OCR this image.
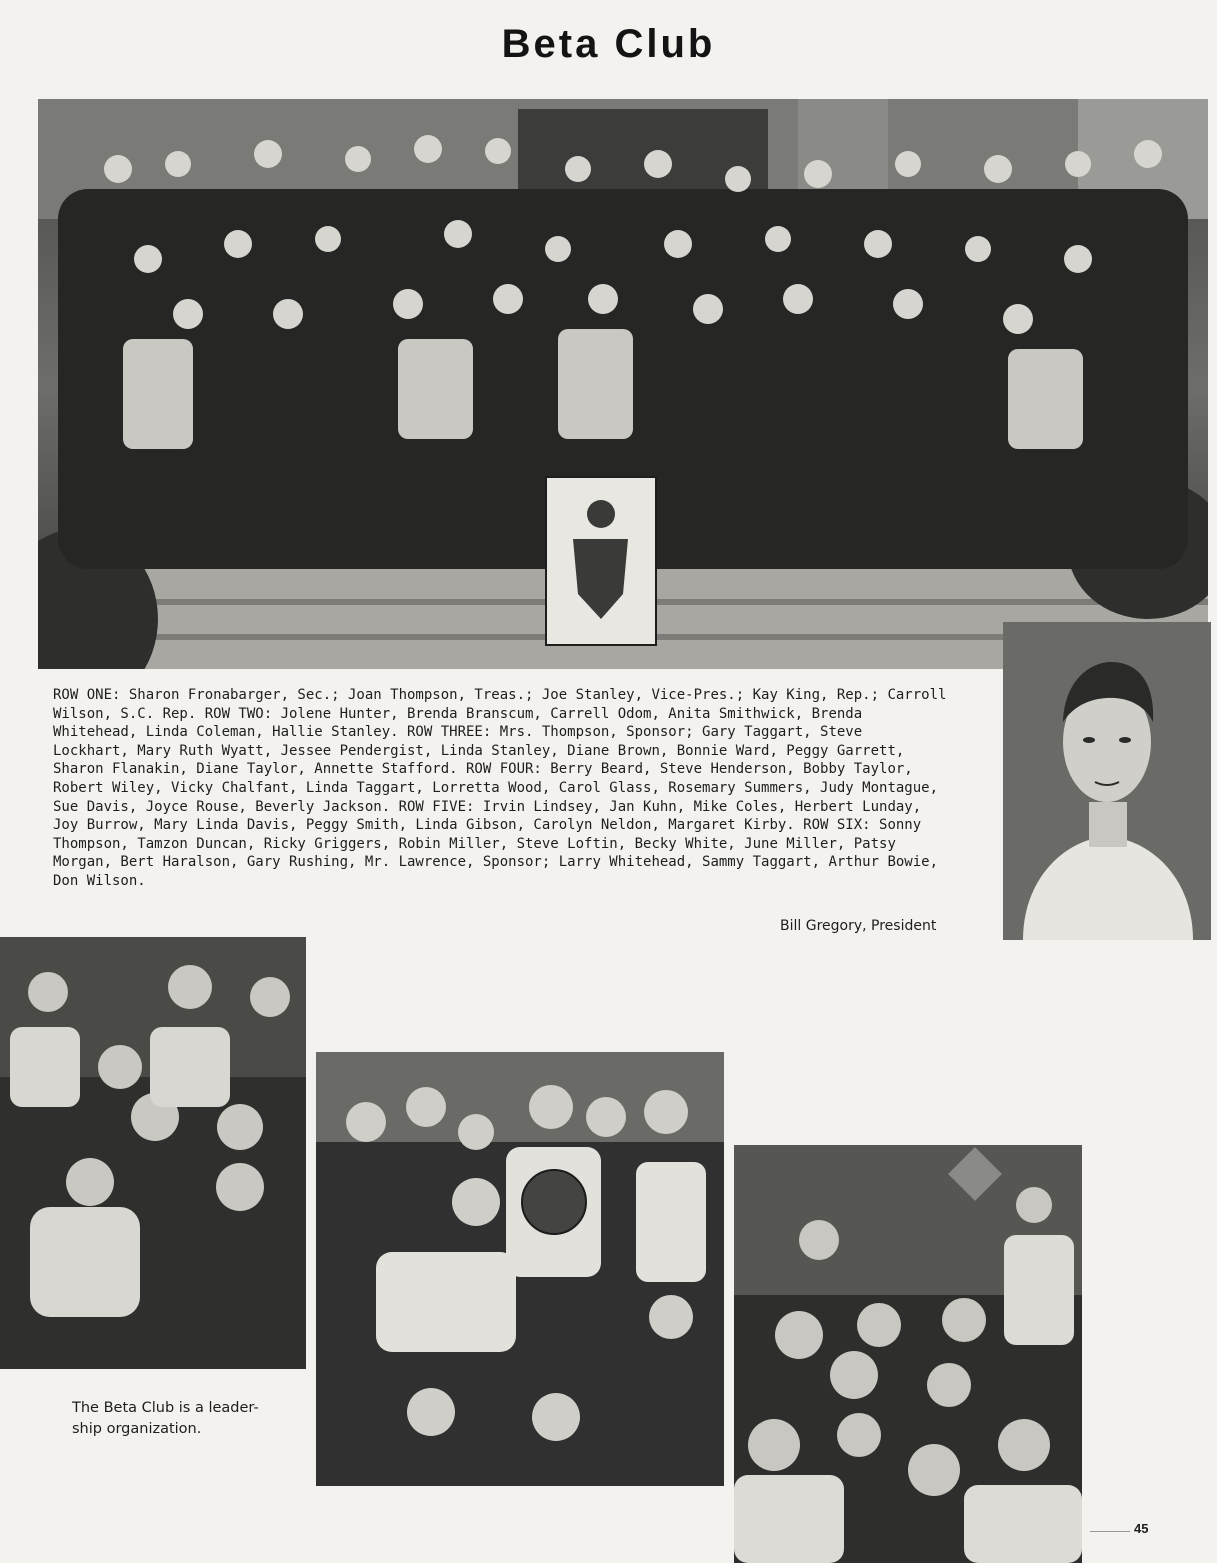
Beta Club
ROW ONE: Sharon Fronabarger, Sec.; Joan Thompson, Treas.; Joe Stanley, Vice-Pres.; Kay King, Rep.; Carroll
Wilson, S.C. Rep. ROW TWO: Jolene Hunter, Brenda Branscum, Carrell Odom, Anita Smithwick, Brenda
Whitehead, Linda Coleman, Hallie Stanley. ROW THREE: Mrs. Thompson, Sponsor; Gary Taggart, Steve
Lockhart, Mary Ruth Wyatt, Jessee Pendergist, Linda Stanley, Diane Brown, Bonnie Ward, Peggy Garrett,
Sharon Flanakin, Diane Taylor, Annette Stafford. ROW FOUR: Berry Beard, Steve Henderson, Bobby Taylor,
Robert Wiley, Vicky Chalfant, Linda Taggart, Lorretta Wood, Carol Glass, Rosemary Summers, Judy Montague,
Sue Davis, Joyce Rouse, Beverly Jackson. ROW FIVE: Irvin Lindsey, Jan Kuhn, Mike Coles, Herbert Lunday,
Joy Burrow, Mary Linda Davis, Peggy Smith, Linda Gibson, Carolyn Neldon, Margaret Kirby. ROW SIX: Sonny
Thompson, Tamzon Duncan, Ricky Griggers, Robin Miller, Steve Loftin, Becky White, June Miller, Patsy
Morgan, Bert Haralson, Gary Rushing, Mr. Lawrence, Sponsor; Larry Whitehead, Sammy Taggart, Arthur Bowie,
Don Wilson.
Bill Gregory, President
The Beta Club is a leader-
ship organization.
45
